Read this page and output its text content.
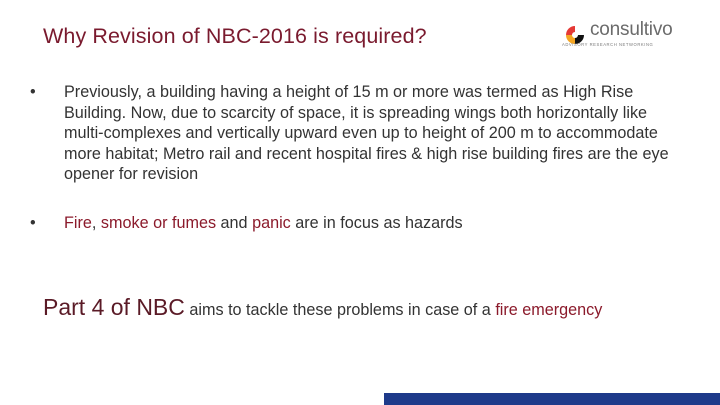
Why Revision of NBC-2016 is required?	consultivo
ADVISORY RESEARCH NETWORKING
• Previously, a building having a height of 15 m or more was termed as High Rise Building. Now, due to scarcity of space, it is spreading wings both horizontally like multi-complexes and vertically upward even up to height of 200 m to accommodate more habitat; Metro rail and recent hospital fires & high rise building fires are the eye opener for revision
• Fire, smoke or fumes and panic are in focus as hazards
Part 4 of NBC aims to tackle these problems in case of a fire emergency
